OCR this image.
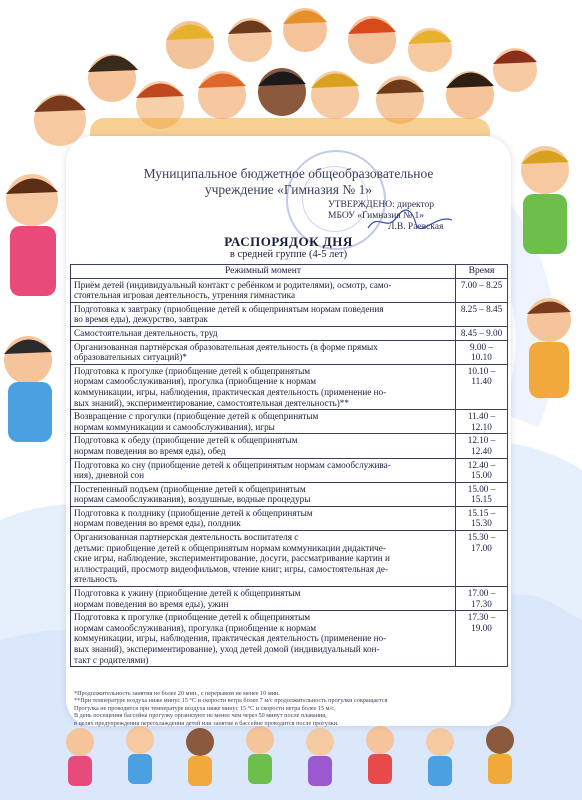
Муниципальное бюджетное общеобразовательное
учреждение «Гимназия № 1»
УТВЕРЖДЕНО: директор
МБОУ «Гимназия № 1»
Л.В. Раевская
РАСПОРЯДОК ДНЯ
в средней группе (4-5 лет)
Режимный момент	Время
Приём детей (индивидуальный контакт с ребёнком и родителями), осмотр, само-
стоятельная игровая деятельность, утренняя гимнастика	7.00 – 8.25
Подготовка к завтраку (приобщение детей к общепринятым нормам поведения
во время еды), дежурство, завтрак	8.25 – 8.45
Самостоятельная деятельность, труд	8.45 – 9.00
Организованная партнёрская образовательная деятельность (в форме прямых
образовательных ситуаций)*	9.00 –
10.10
Подготовка к прогулке (приобщение детей к общепринятым
нормам самообслуживания), прогулка (приобщение к нормам
коммуникации, игры, наблюдения, практическая деятельность (применение но-
вых знаний), экспериментирование, самостоятельная деятельность)**	10.10 –
11.40
Возвращение с прогулки (приобщение детей к общепринятым
нормам коммуникации и самообслуживания), игры	11.40 –
12.10
Подготовка к обеду (приобщение детей к общепринятым
нормам поведения во время еды), обед	12.10 –
12.40
Подготовка ко сну (приобщение детей к общепринятым нормам самообслужива-
ния), дневной сон	12.40 –
15.00
Постепенный подъем (приобщение детей к общепринятым
нормам самообслуживания), воздушные, водные процедуры	15.00 –
15.15
Подготовка к полднику (приобщение детей к общепринятым
нормам поведения во время еды), полдник	15.15 –
15.30
Организованная партнерская деятельность воспитателя с
детьми: приобщение детей к общепринятым нормам коммуникации дидактиче-
ские игры, наблюдение, экспериментирование, досуги, рассматривание картин и
иллюстраций, просмотр видеофильмов, чтение книг; игры, самостоятельная де-
ятельность	15.30 –
17.00
Подготовка к ужину (приобщение детей к общепринятым
нормам поведения во время еды), ужин	17.00 –
17.30
Подготовка к прогулке (приобщение детей к общепринятым
нормам самообслуживания), прогулка (приобщение к нормам
коммуникации, игры, наблюдения, практическая деятельность (применение но-
вых знаний), экспериментирование), уход детей домой (индивидуальный кон-
такт с родителями)	17.30 –
19.00
*Продолжительность занятия не более 20 мин., с перерывом не менее 10 мин.
**При температуре воздуха ниже минус 15 °С и скорости ветра более 7 м/с продолжительность прогулки сокращается
Прогулка не проводится при температуре воздуха ниже минус 15 °С и скорости ветра более 15 м/с.
В день посещения бассейна прогулку организуют не менее чем через 50 минут после плавания,
в целях предупреждения переохлаждения детей или занятие в бассейне проводится после прогулки.
